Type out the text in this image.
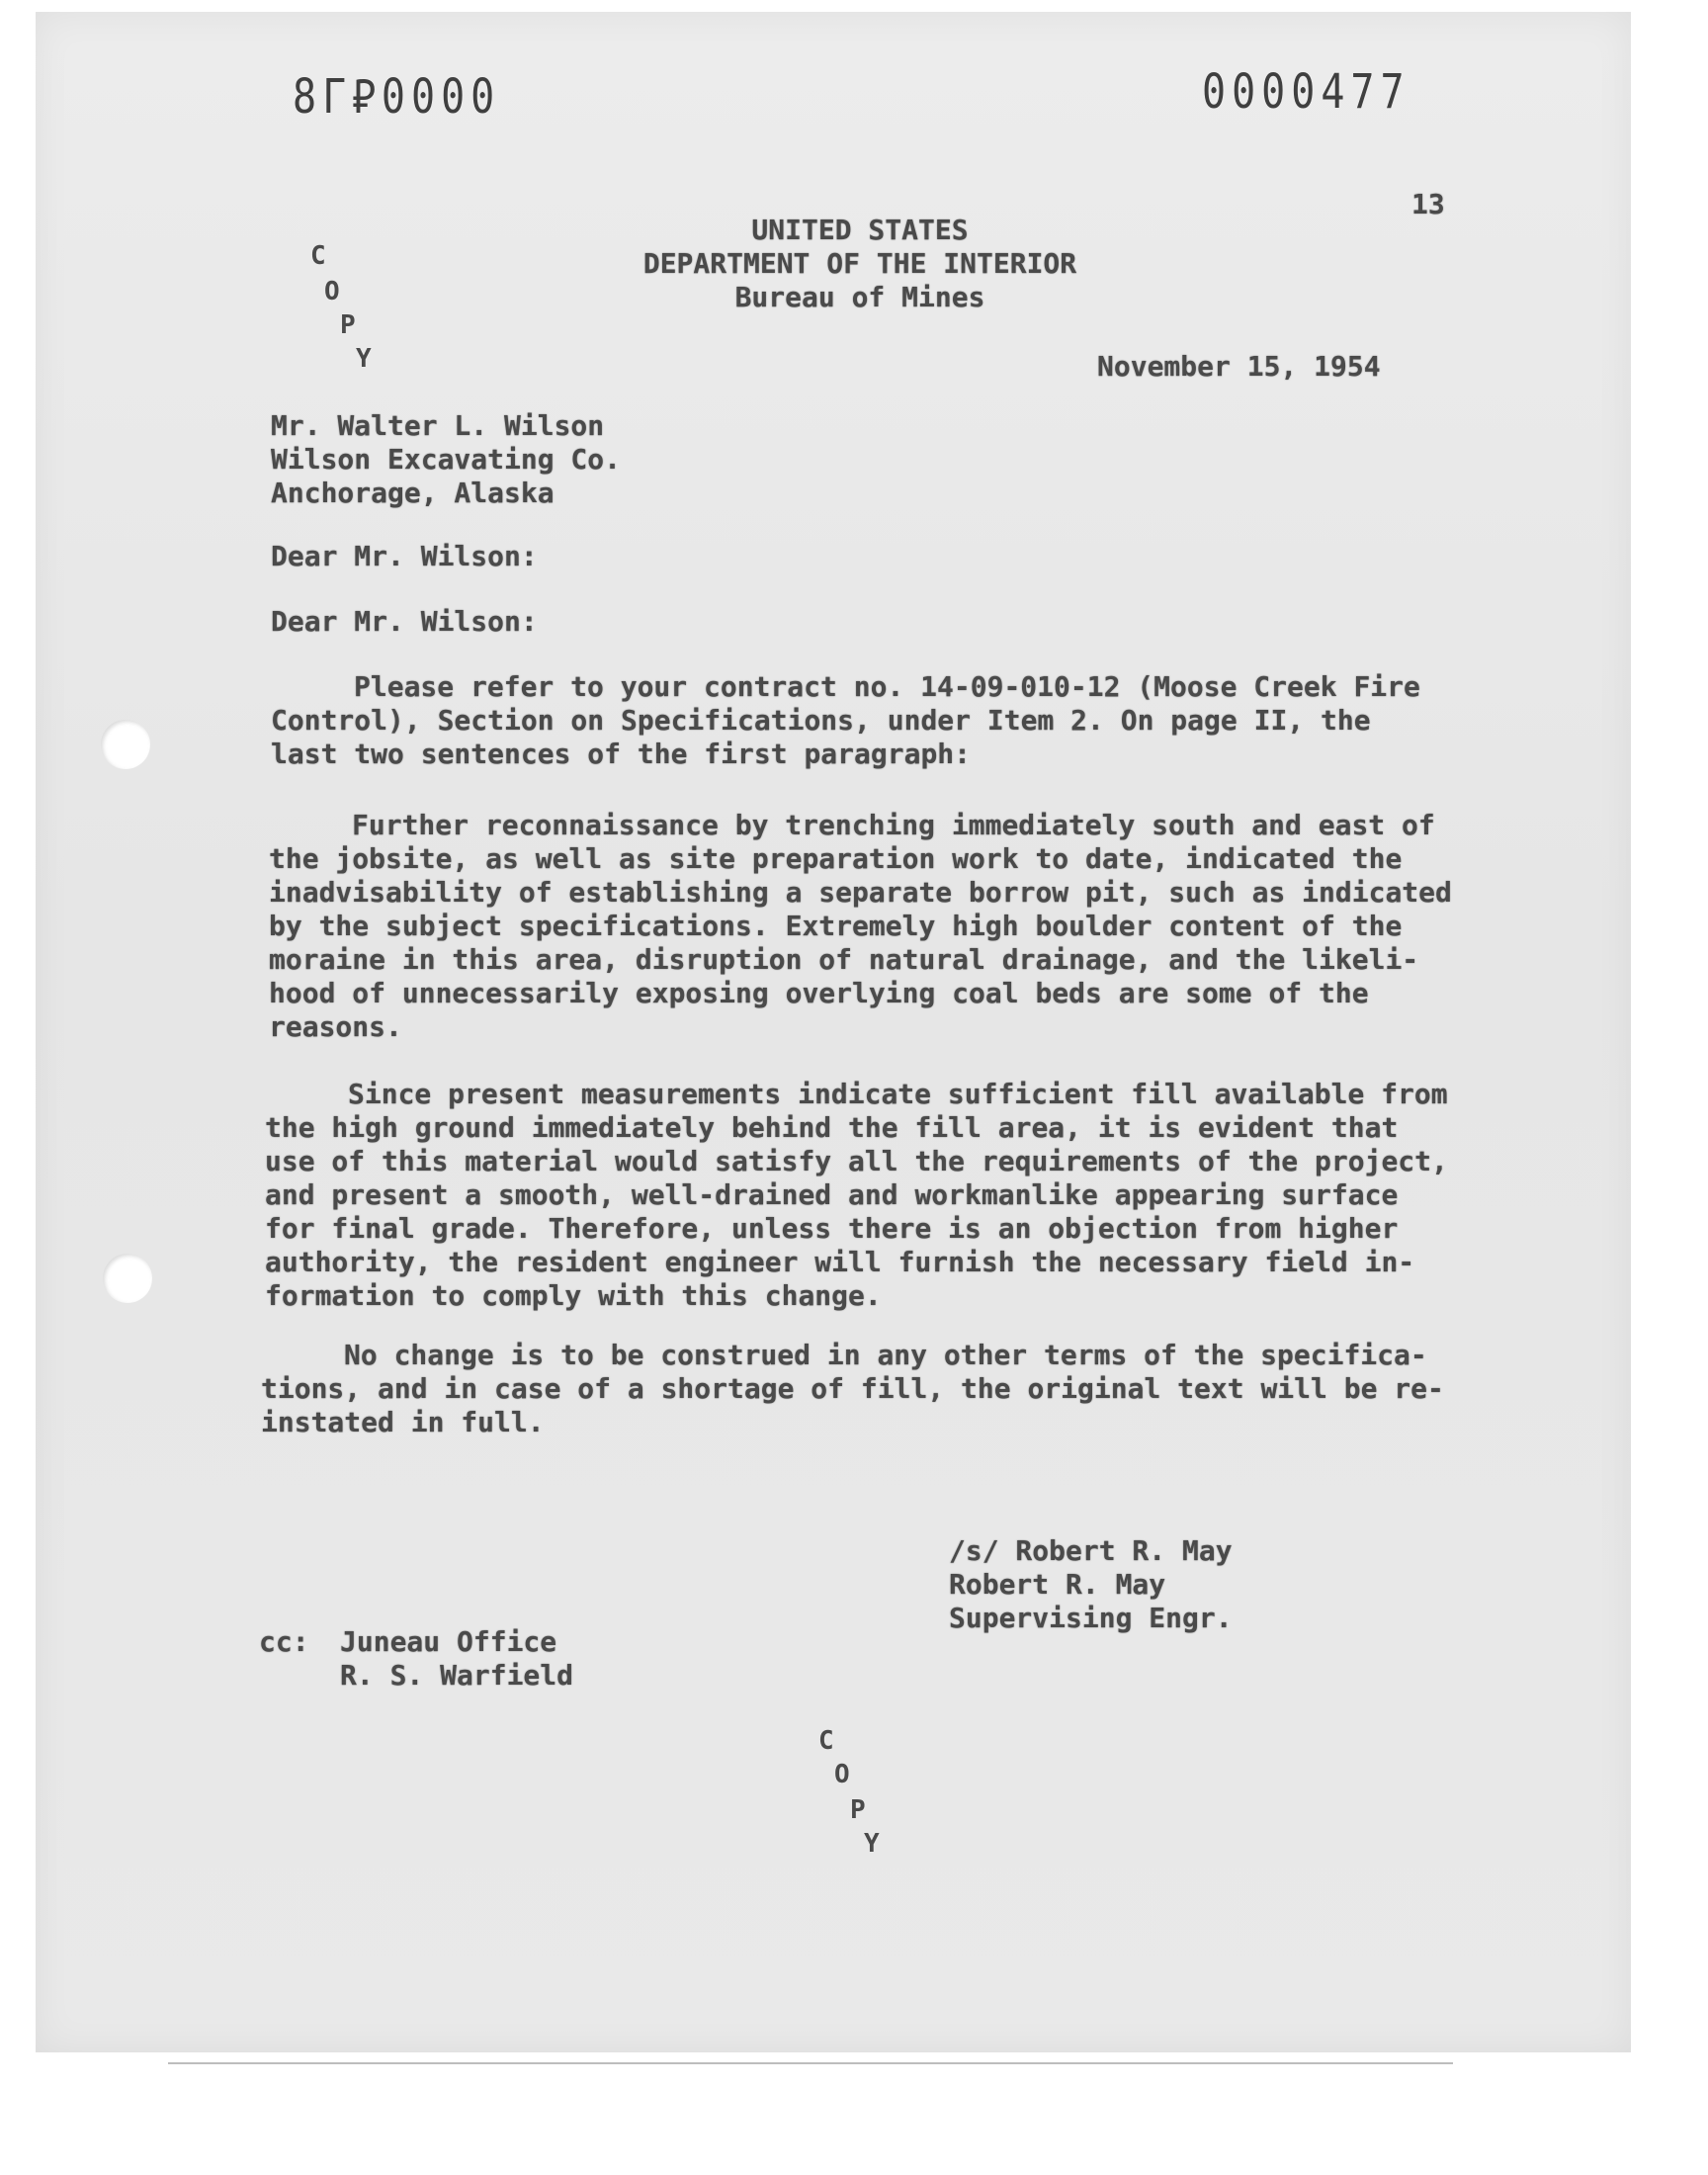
8Γ⃎0000	0000477
13
UNITED STATES
DEPARTMENT OF THE INTERIOR
Bureau of Mines
C
O
P
Y	November 15, 1954
Mr. Walter L. Wilson
Wilson Excavating Co.
Anchorage, Alaska
Dear Mr. Wilson:
Dear Mr. Wilson:
Please refer to your contract no. 14-09-010-12 (Moose Creek Fire
Control), Section on Specifications, under Item 2. On page II, the
last two sentences of the first paragraph:
Further reconnaissance by trenching immediately south and east of
the jobsite, as well as site preparation work to date, indicated the
inadvisability of establishing a separate borrow pit, such as indicated
by the subject specifications. Extremely high boulder content of the
moraine in this area, disruption of natural drainage, and the likeli-
hood of unnecessarily exposing overlying coal beds are some of the
reasons.
Since present measurements indicate sufficient fill available from
the high ground immediately behind the fill area, it is evident that
use of this material would satisfy all the requirements of the project,
and present a smooth, well-drained and workmanlike appearing surface
for final grade. Therefore, unless there is an objection from higher
authority, the resident engineer will furnish the necessary field in-
formation to comply with this change.
No change is to be construed in any other terms of the specifica-
tions, and in case of a shortage of fill, the original text will be re-
instated in full.
/s/ Robert R. May
Robert R. May
Supervising Engr.
cc: Juneau Office
R. S. Warfield
C
O
P
Y
